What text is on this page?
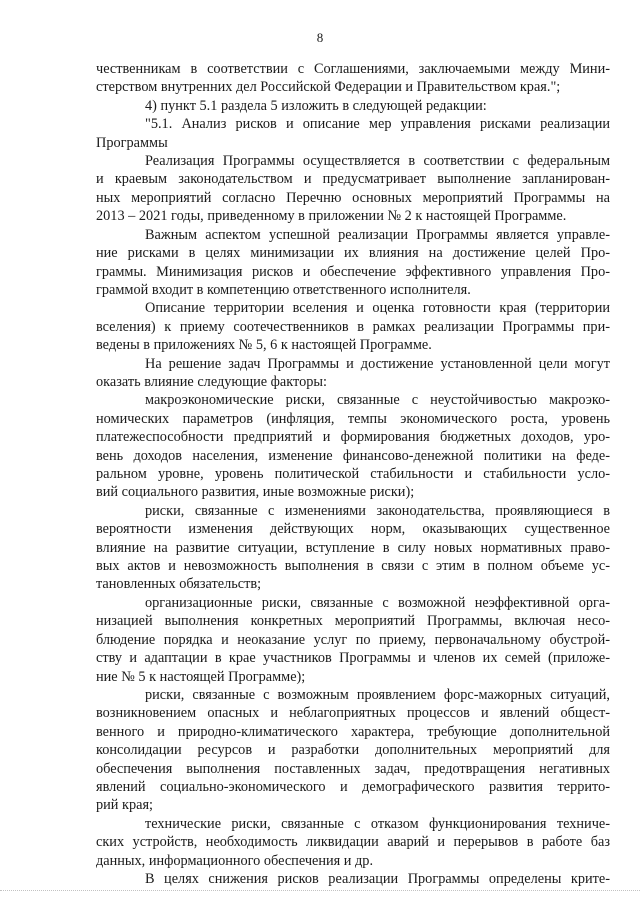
8
чественникам в соответствии с Соглашениями, заключаемыми между Мини-
стерством внутренних дел Российской Федерации и Правительством края.";
4) пункт 5.1 раздела 5 изложить в следующей редакции:
"5.1. Анализ рисков и описание мер управления рисками реализации
Программы
Реализация Программы осуществляется в соответствии с федеральным
и краевым законодательством и предусматривает выполнение запланирован-
ных мероприятий согласно Перечню основных мероприятий Программы на
2013 – 2021 годы, приведенному в приложении № 2 к настоящей Программе.
Важным аспектом успешной реализации Программы является управле-
ние рисками в целях минимизации их влияния на достижение целей Про-
граммы. Минимизация рисков и обеспечение эффективного управления Про-
граммой входит в компетенцию ответственного исполнителя.
Описание территории вселения и оценка готовности края (территории
вселения) к приему соотечественников в рамках реализации Программы при-
ведены в приложениях № 5, 6 к настоящей Программе.
На решение задач Программы и достижение установленной цели могут
оказать влияние следующие факторы:
макроэкономические риски, связанные с неустойчивостью макроэко-
номических параметров (инфляция, темпы экономического роста, уровень
платежеспособности предприятий и формирования бюджетных доходов, уро-
вень доходов населения, изменение финансово-денежной политики на феде-
ральном уровне, уровень политической стабильности и стабильности усло-
вий социального развития, иные возможные риски);
риски, связанные с изменениями законодательства, проявляющиеся в
вероятности изменения действующих норм, оказывающих существенное
влияние на развитие ситуации, вступление в силу новых нормативных право-
вых актов и невозможность выполнения в связи с этим в полном объеме ус-
тановленных обязательств;
организационные риски, связанные с возможной неэффективной орга-
низацией выполнения конкретных мероприятий Программы, включая несо-
блюдение порядка и неоказание услуг по приему, первоначальному обустрой-
ству и адаптации в крае участников Программы и членов их семей (приложе-
ние № 5 к настоящей Программе);
риски, связанные с возможным проявлением форс-мажорных ситуаций,
возникновением опасных и неблагоприятных процессов и явлений общест-
венного и природно-климатического характера, требующие дополнительной
консолидации ресурсов и разработки дополнительных мероприятий для
обеспечения выполнения поставленных задач, предотвращения негативных
явлений социально-экономического и демографического развития террито-
рий края;
технические риски, связанные с отказом функционирования техниче-
ских устройств, необходимость ликвидации аварий и перерывов в работе баз
данных, информационного обеспечения и др.
В целях снижения рисков реализации Программы определены крите-
